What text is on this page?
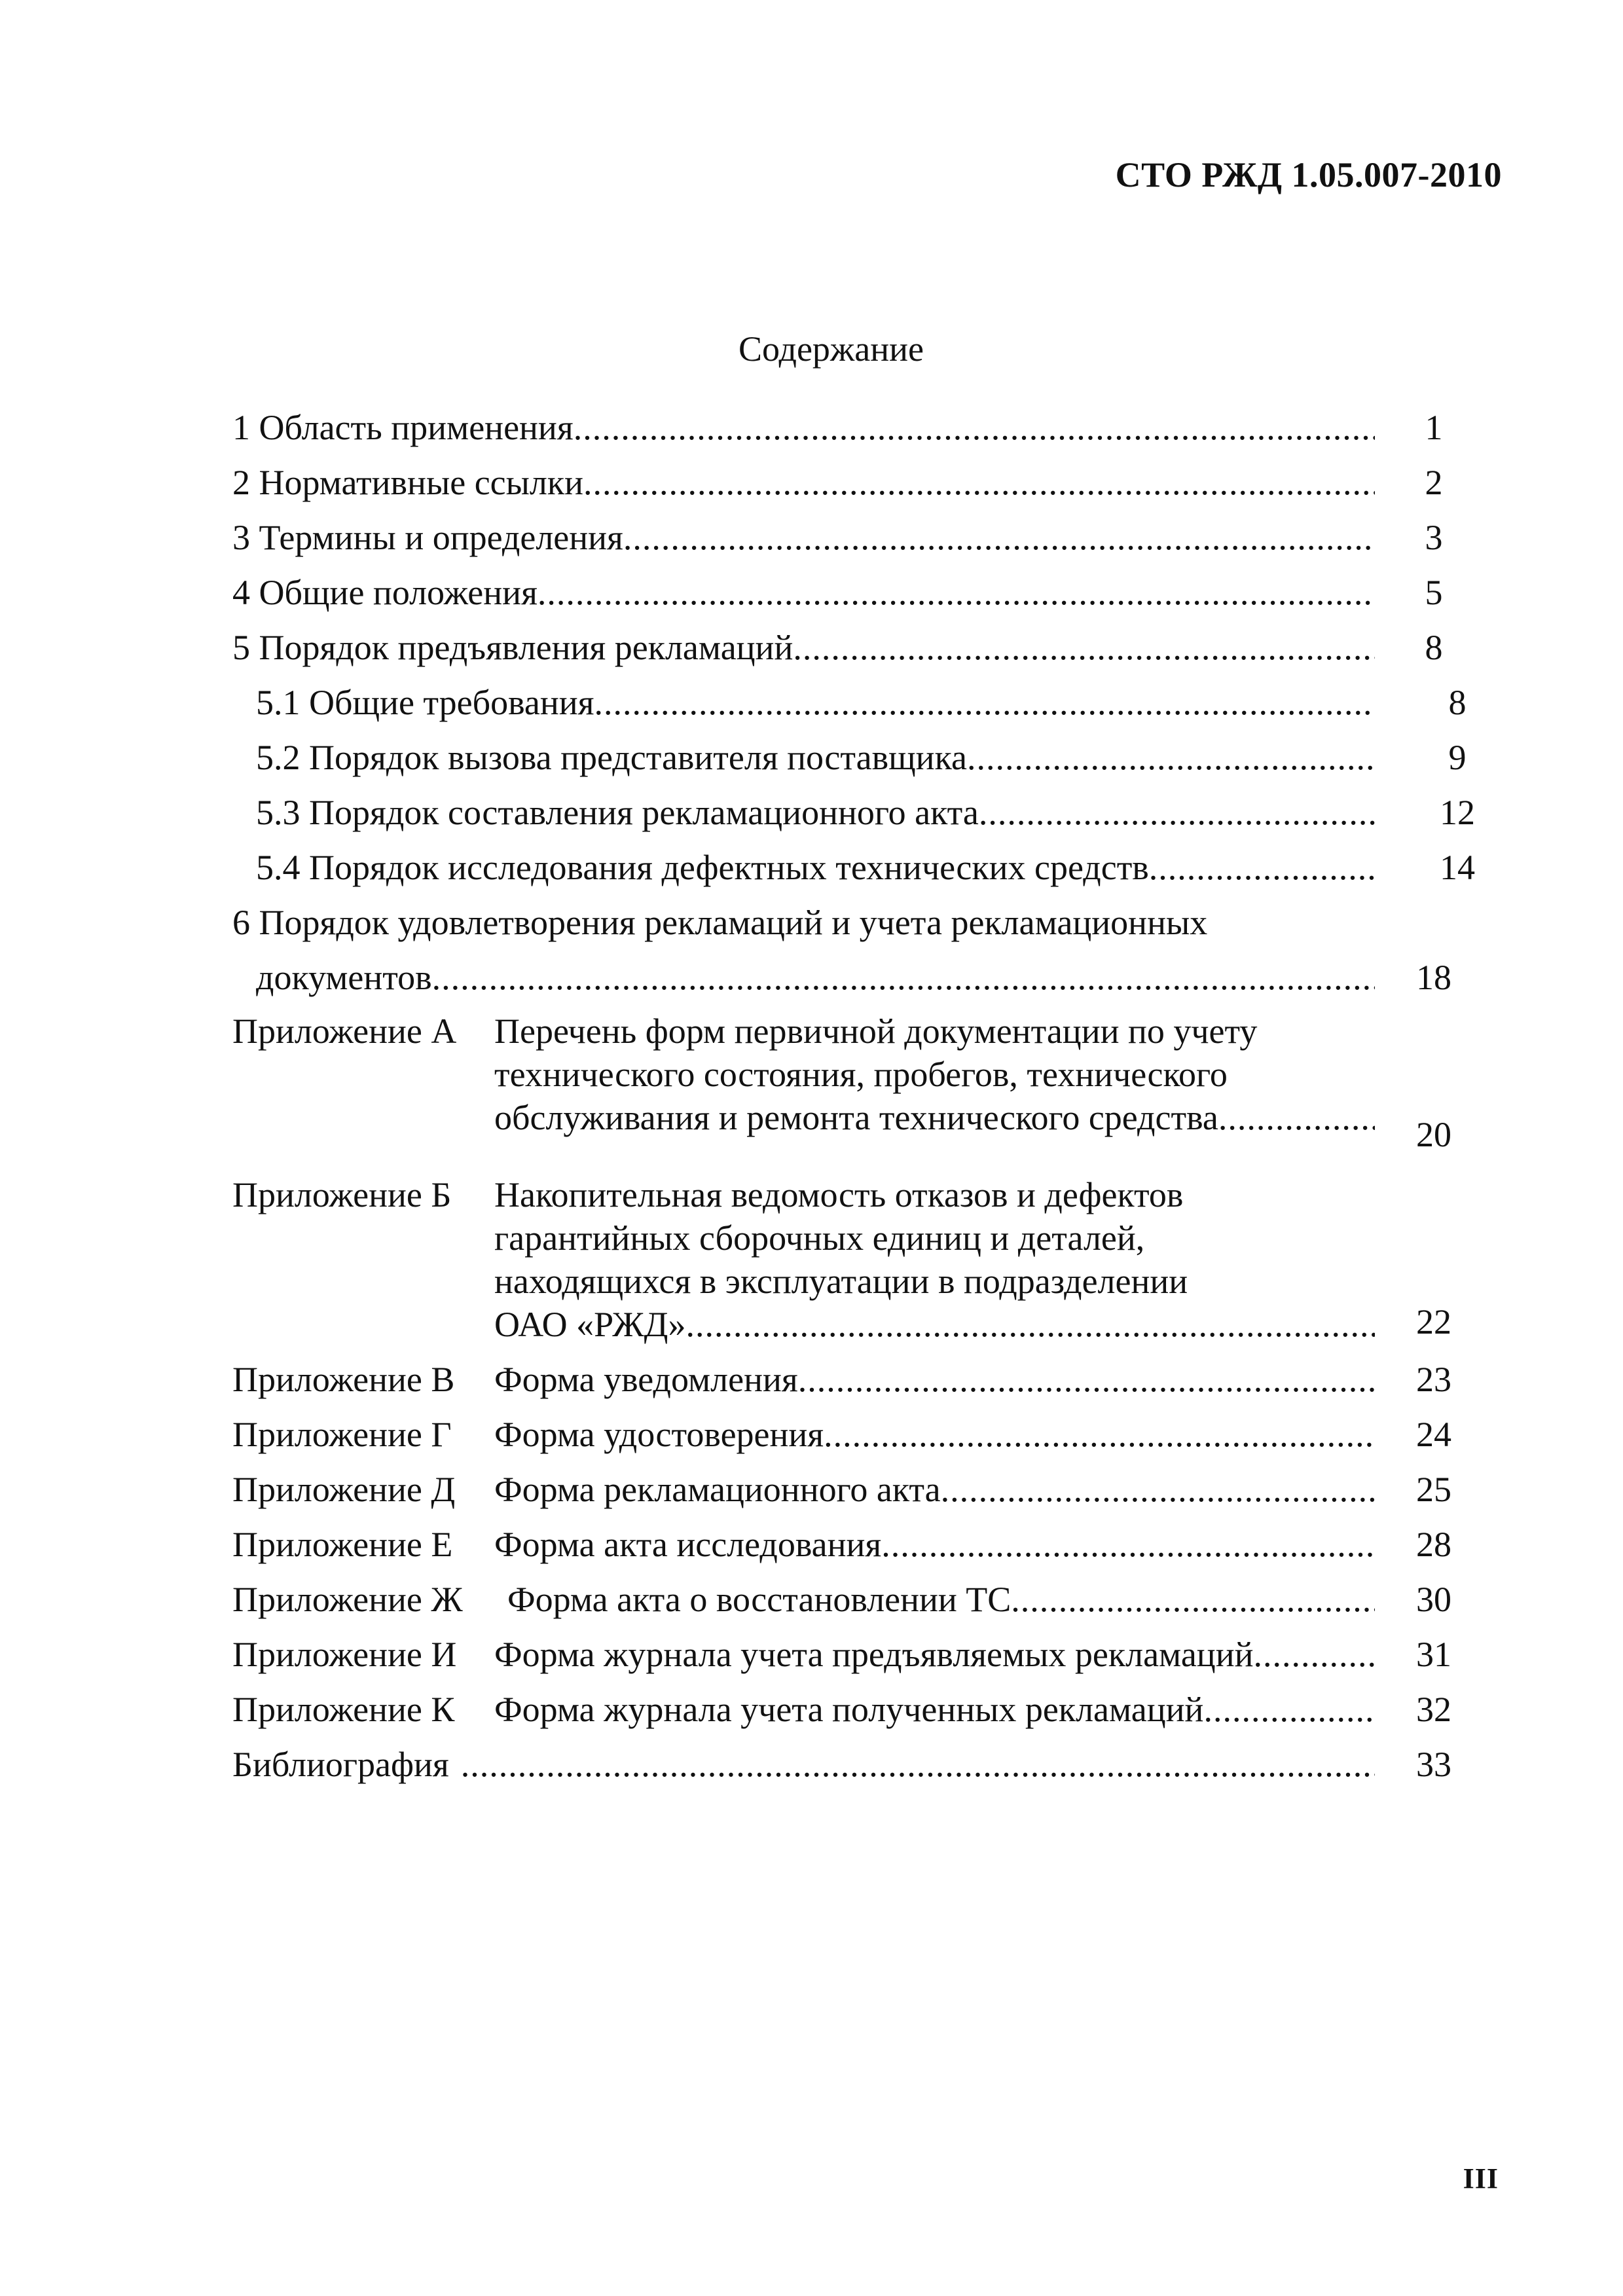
СТО РЖД 1.05.007-2010
Содержание
1 Область применения .....	1
2 Нормативные ссылки .....	2
3 Термины и определения .....	3
4 Общие положения .....	5
5 Порядок предъявления рекламаций .....	8
5.1 Общие требования .....	8
5.2 Порядок вызова представителя поставщика .....	9
5.3 Порядок составления рекламационного акта .....	12
5.4 Порядок исследования дефектных технических средств .....	14
6 Порядок удовлетворения рекламаций и учета рекламационных
документов .....	18
Приложение А	Перечень форм первичной документации по учету
технического состояния, пробегов, технического
обслуживания и ремонта технического средства .....	20
Приложение Б	Накопительная ведомость отказов и дефектов
гарантийных сборочных единиц и деталей,
находящихся в эксплуатации в подразделении
ОАО «РЖД» .....	22
Приложение В	Форма уведомления .....	23
Приложение Г	Форма удостоверения .....	24
Приложение Д	Форма рекламационного акта .....	25
Приложение Е	Форма акта исследования .....	28
Приложение Ж	Форма акта о восстановлении ТС .....	30
Приложение И	Форма журнала учета предъявляемых рекламаций .....	31
Приложение К	Форма журнала учета полученных рекламаций .....	32
Библиография .....	33
III
